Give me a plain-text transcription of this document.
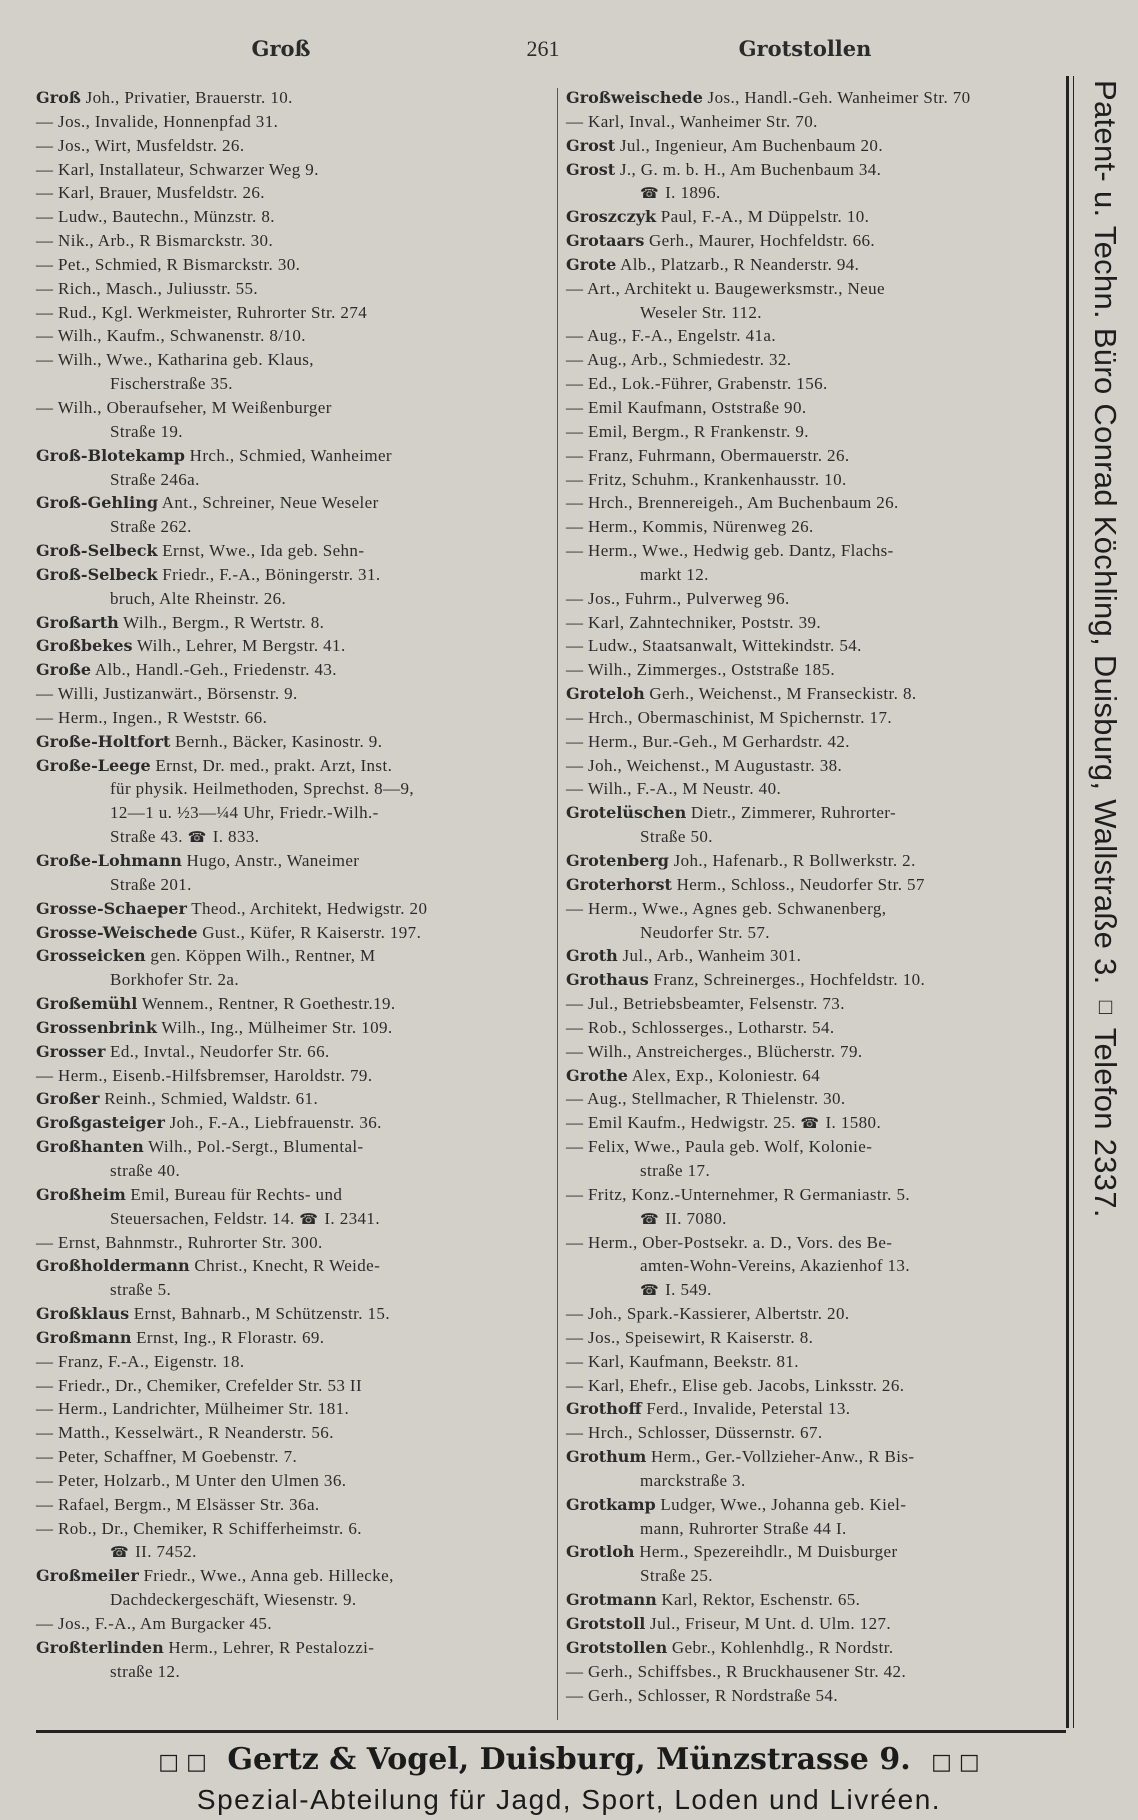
Groß	261	Grotstollen
Groß Joh., Privatier, Brauerstr. 10.
— Jos., Invalide, Honnenpfad 31.
— Jos., Wirt, Musfeldstr. 26.
— Karl, Installateur, Schwarzer Weg 9.
— Karl, Brauer, Musfeldstr. 26.
— Ludw., Bautechn., Münzstr. 8.
— Nik., Arb., R Bismarckstr. 30.
— Pet., Schmied, R Bismarckstr. 30.
— Rich., Masch., Juliusstr. 55.
— Rud., Kgl. Werkmeister, Ruhrorter Str. 274
— Wilh., Kaufm., Schwanenstr. 8/10.
— Wilh., Wwe., Katharina geb. Klaus,
Fischerstraße 35.
— Wilh., Oberaufseher, M Weißenburger
Straße 19.
Groß-Blotekamp Hrch., Schmied, Wanheimer
Straße 246a.
Groß-Gehling Ant., Schreiner, Neue Weseler
Straße 262.
Groß-Selbeck Ernst, Wwe., Ida geb. Sehn-
Groß-Selbeck Friedr., F.-A., Böningerstr. 31.
bruch, Alte Rheinstr. 26.
Großarth Wilh., Bergm., R Wertstr. 8.
Großbekes Wilh., Lehrer, M Bergstr. 41.
Große Alb., Handl.-Geh., Friedenstr. 43.
— Willi, Justizanwärt., Börsenstr. 9.
— Herm., Ingen., R Weststr. 66.
Große-Holtfort Bernh., Bäcker, Kasinostr. 9.
Große-Leege Ernst, Dr. med., prakt. Arzt, Inst.
für physik. Heilmethoden, Sprechst. 8—9,
12—1 u. ½3—¼4 Uhr, Friedr.-Wilh.-
Straße 43. ☎ I. 833.
Große-Lohmann Hugo, Anstr., Waneimer
Straße 201.
Grosse-Schaeper Theod., Architekt, Hedwigstr. 20
Grosse-Weischede Gust., Küfer, R Kaiserstr. 197.
Grosseicken gen. Köppen Wilh., Rentner, M
Borkhofer Str. 2a.
Großemühl Wennem., Rentner, R Goethestr.19.
Grossenbrink Wilh., Ing., Mülheimer Str. 109.
Grosser Ed., Invtal., Neudorfer Str. 66.
— Herm., Eisenb.-Hilfsbremser, Haroldstr. 79.
Großer Reinh., Schmied, Waldstr. 61.
Großgasteiger Joh., F.-A., Liebfrauenstr. 36.
Großhanten Wilh., Pol.-Sergt., Blumental-
straße 40.
Großheim Emil, Bureau für Rechts- und
Steuersachen, Feldstr. 14. ☎ I. 2341.
— Ernst, Bahnmstr., Ruhrorter Str. 300.
Großholdermann Christ., Knecht, R Weide-
straße 5.
Großklaus Ernst, Bahnarb., M Schützenstr. 15.
Großmann Ernst, Ing., R Florastr. 69.
— Franz, F.-A., Eigenstr. 18.
— Friedr., Dr., Chemiker, Crefelder Str. 53 II
— Herm., Landrichter, Mülheimer Str. 181.
— Matth., Kesselwärt., R Neanderstr. 56.
— Peter, Schaffner, M Goebenstr. 7.
— Peter, Holzarb., M Unter den Ulmen 36.
— Rafael, Bergm., M Elsässer Str. 36a.
— Rob., Dr., Chemiker, R Schifferheimstr. 6.
☎ II. 7452.
Großmeiler Friedr., Wwe., Anna geb. Hillecke,
Dachdeckergeschäft, Wiesenstr. 9.
— Jos., F.-A., Am Burgacker 45.
Großterlinden Herm., Lehrer, R Pestalozzi-
straße 12.
Großweischede Jos., Handl.-Geh. Wanheimer Str. 70
— Karl, Inval., Wanheimer Str. 70.
Grost Jul., Ingenieur, Am Buchenbaum 20.
Grost J., G. m. b. H., Am Buchenbaum 34.
☎ I. 1896.
Groszczyk Paul, F.-A., M Düppelstr. 10.
Grotaars Gerh., Maurer, Hochfeldstr. 66.
Grote Alb., Platzarb., R Neanderstr. 94.
— Art., Architekt u. Baugewerksmstr., Neue
Weseler Str. 112.
— Aug., F.-A., Engelstr. 41a.
— Aug., Arb., Schmiedestr. 32.
— Ed., Lok.-Führer, Grabenstr. 156.
— Emil Kaufmann, Oststraße 90.
— Emil, Bergm., R Frankenstr. 9.
— Franz, Fuhrmann, Obermauerstr. 26.
— Fritz, Schuhm., Krankenhausstr. 10.
— Hrch., Brennereigeh., Am Buchenbaum 26.
— Herm., Kommis, Nürenweg 26.
— Herm., Wwe., Hedwig geb. Dantz, Flachs-
markt 12.
— Jos., Fuhrm., Pulverweg 96.
— Karl, Zahntechniker, Poststr. 39.
— Ludw., Staatsanwalt, Wittekindstr. 54.
— Wilh., Zimmerges., Oststraße 185.
Groteloh Gerh., Weichenst., M Franseckistr. 8.
— Hrch., Obermaschinist, M Spichernstr. 17.
— Herm., Bur.-Geh., M Gerhardstr. 42.
— Joh., Weichenst., M Augustastr. 38.
— Wilh., F.-A., M Neustr. 40.
Grotelüschen Dietr., Zimmerer, Ruhrorter-
Straße 50.
Grotenberg Joh., Hafenarb., R Bollwerkstr. 2.
Groterhorst Herm., Schloss., Neudorfer Str. 57
— Herm., Wwe., Agnes geb. Schwanenberg,
Neudorfer Str. 57.
Groth Jul., Arb., Wanheim 301.
Grothaus Franz, Schreinerges., Hochfeldstr. 10.
— Jul., Betriebsbeamter, Felsenstr. 73.
— Rob., Schlosserges., Lotharstr. 54.
— Wilh., Anstreicherges., Blücherstr. 79.
Grothe Alex, Exp., Koloniestr. 64
— Aug., Stellmacher, R Thielenstr. 30.
— Emil Kaufm., Hedwigstr. 25. ☎ I. 1580.
— Felix, Wwe., Paula geb. Wolf, Kolonie-
straße 17.
— Fritz, Konz.-Unternehmer, R Germaniastr. 5.
☎ II. 7080.
— Herm., Ober-Postsekr. a. D., Vors. des Be-
amten-Wohn-Vereins, Akazienhof 13.
☎ I. 549.
— Joh., Spark.-Kassierer, Albertstr. 20.
— Jos., Speisewirt, R Kaiserstr. 8.
— Karl, Kaufmann, Beekstr. 81.
— Karl, Ehefr., Elise geb. Jacobs, Linksstr. 26.
Grothoff Ferd., Invalide, Peterstal 13.
— Hrch., Schlosser, Düssernstr. 67.
Grothum Herm., Ger.-Vollzieher-Anw., R Bis-
marckstraße 3.
Grotkamp Ludger, Wwe., Johanna geb. Kiel-
mann, Ruhrorter Straße 44 I.
Grotloh Herm., Spezereihdlr., M Duisburger
Straße 25.
Grotmann Karl, Rektor, Eschenstr. 65.
Grotstoll Jul., Friseur, M Unt. d. Ulm. 127.
Grotstollen Gebr., Kohlenhdlg., R Nordstr.
— Gerh., Schiffsbes., R Bruckhausener Str. 42.
— Gerh., Schlosser, R Nordstraße 54.
Patent- u. Techn. Büro Conrad Köchling, Duisburg, Wallstraße 3. □ Telefon 2337.
□ □ Gertz & Vogel, Duisburg, Münzstrasse 9. □ □
Spezial-Abteilung für Jagd, Sport, Loden und Livréen.
